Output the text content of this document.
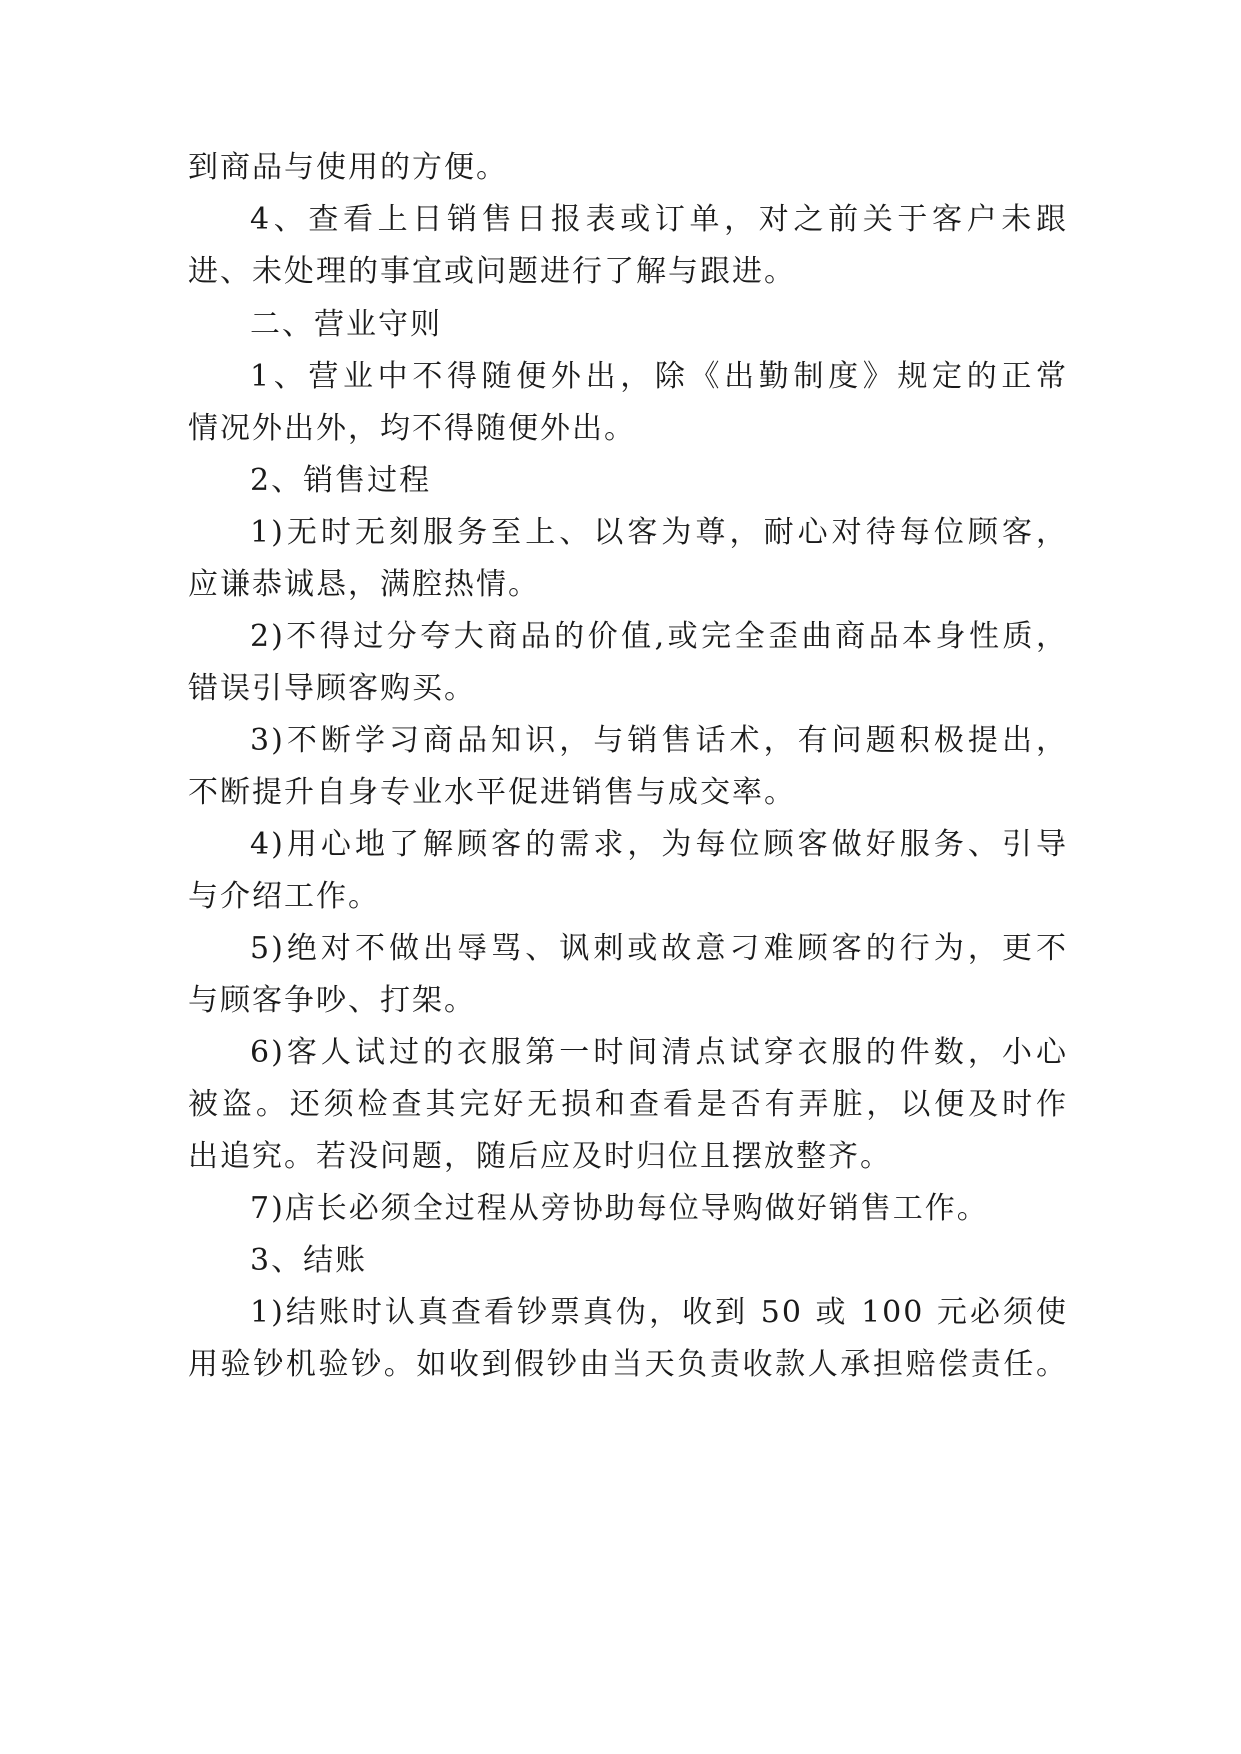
到商品与使用的方便。
4、查看上日销售日报表或订单，对之前关于客户未跟
进、未处理的事宜或问题进行了解与跟进。
二、营业守则
1、营业中不得随便外出，除《出勤制度》规定的正常
情况外出外，均不得随便外出。
2、销售过程
1)无时无刻服务至上、以客为尊，耐心对待每位顾客，
应谦恭诚恳，满腔热情。
2)不得过分夸大商品的价值,或完全歪曲商品本身性质，
错误引导顾客购买。
3)不断学习商品知识，与销售话术，有问题积极提出，
不断提升自身专业水平促进销售与成交率。
4)用心地了解顾客的需求，为每位顾客做好服务、引导
与介绍工作。
5)绝对不做出辱骂、讽刺或故意刁难顾客的行为，更不
与顾客争吵、打架。
6)客人试过的衣服第一时间清点试穿衣服的件数，小心
被盗。还须检查其完好无损和查看是否有弄脏，以便及时作
出追究。若没问题，随后应及时归位且摆放整齐。
7)店长必须全过程从旁协助每位导购做好销售工作。
3、结账
1)结账时认真查看钞票真伪，收到 50 或 100 元必须使
用验钞机验钞。如收到假钞由当天负责收款人承担赔偿责任。
